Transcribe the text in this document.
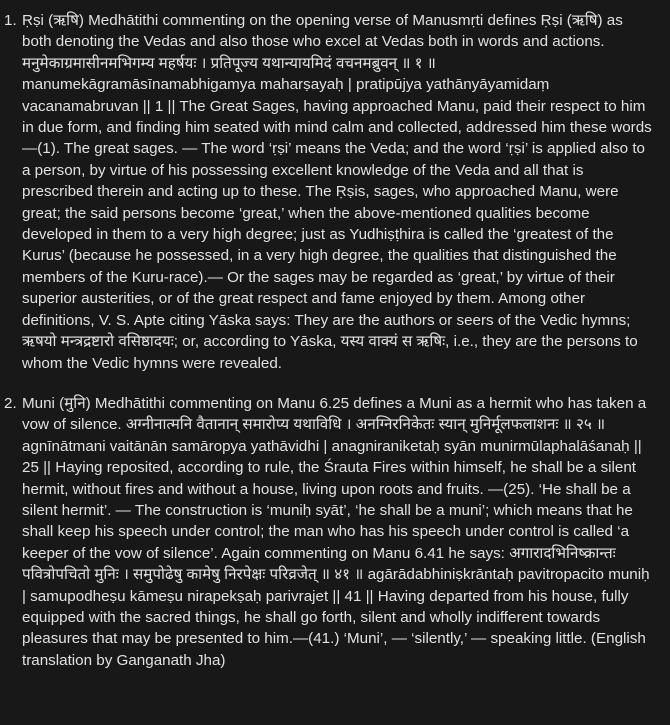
1. Ṛṣi (ऋषि) Medhātithi commenting on the opening verse of Manusmṛti defines Ṛṣi (ऋषि) as both denoting the Vedas and also those who excel at Vedas both in words and actions. मनुमेकाग्रमासीनमभिगम्य महर्षयः । प्रतिपूज्य यथान्यायमिदं वचनमब्रुवन् ॥ १ ॥ manumekāgramāsīnamabhigamya maharṣayaḥ | pratipūjya yathānyāyamidaṃ vacanamabruvan || 1 || The Great Sages, having approached Manu, paid their respect to him in due form, and finding him seated with mind calm and collected, addressed him these words—(1). The great sages. — The word ‘ṛṣi’ means the Veda; and the word ‘ṛṣi’ is applied also to a person, by virtue of his possessing excellent knowledge of the Veda and all that is prescribed therein and acting up to these. The Ṛṣis, sages, who approached Manu, were great; the said persons become ‘great,’ when the above-mentioned qualities become developed in them to a very high degree; just as Yudhiṣṭhira is called the ‘greatest of the Kurus’ (because he possessed, in a very high degree, the qualities that distinguished the members of the Kuru-race).— Or the sages may be regarded as ‘great,’ by virtue of their superior austerities, or of the great respect and fame enjoyed by them. Among other definitions, V. S. Apte citing Yāska says: They are the authors or seers of the Vedic hymns; ऋषयो मन्त्रद्रष्टारो वसिष्ठादयः; or, according to Yāska, यस्य वाक्यं स ऋषिः, i.e., they are the persons to whom the Vedic hymns were revealed.
2. Muni (मुनि) Medhātithi commenting on Manu 6.25 defines a Muni as a hermit who has taken a vow of silence. अग्नीनात्मनि वैतानान् समारोप्य यथाविधि । अनग्निरनिकेतः स्यान् मुनिर्मूलफलाशनः ॥ २५ ॥ agnīnātmani vaitānān samāropya yathāvidhi | anagniraniketaḥ syān munirmūlaphalāśanaḥ || 25 || Haying reposited, according to rule, the Śrauta Fires within himself, he shall be a silent hermit, without fires and without a house, living upon roots and fruits. —(25). ‘He shall be a silent hermit’. — The construction is ‘muniḥ syāt’, ‘he shall be a muni’; which means that he shall keep his speech under control; the man who has his speech under control is called ‘a keeper of the vow of silence’. Again commenting on Manu 6.41 he says: अगारादभिनिष्क्रान्तः पवित्रोपचितो मुनिः । समुपोढेषु कामेषु निरपेक्षः परिव्रजेत् ॥ ४१ ॥ agārādabhiniṣkrāntaḥ pavitropacito muniḥ | samupodheṣu kāmeṣu nirapekṣaḥ parivrajet || 41 || Having departed from his house, fully equipped with the sacred things, he shall go forth, silent and wholly indifferent towards pleasures that may be presented to him.—(41.) ‘Muni’, — ‘silently,’ — speaking little. (English translation by Ganganath Jha)
